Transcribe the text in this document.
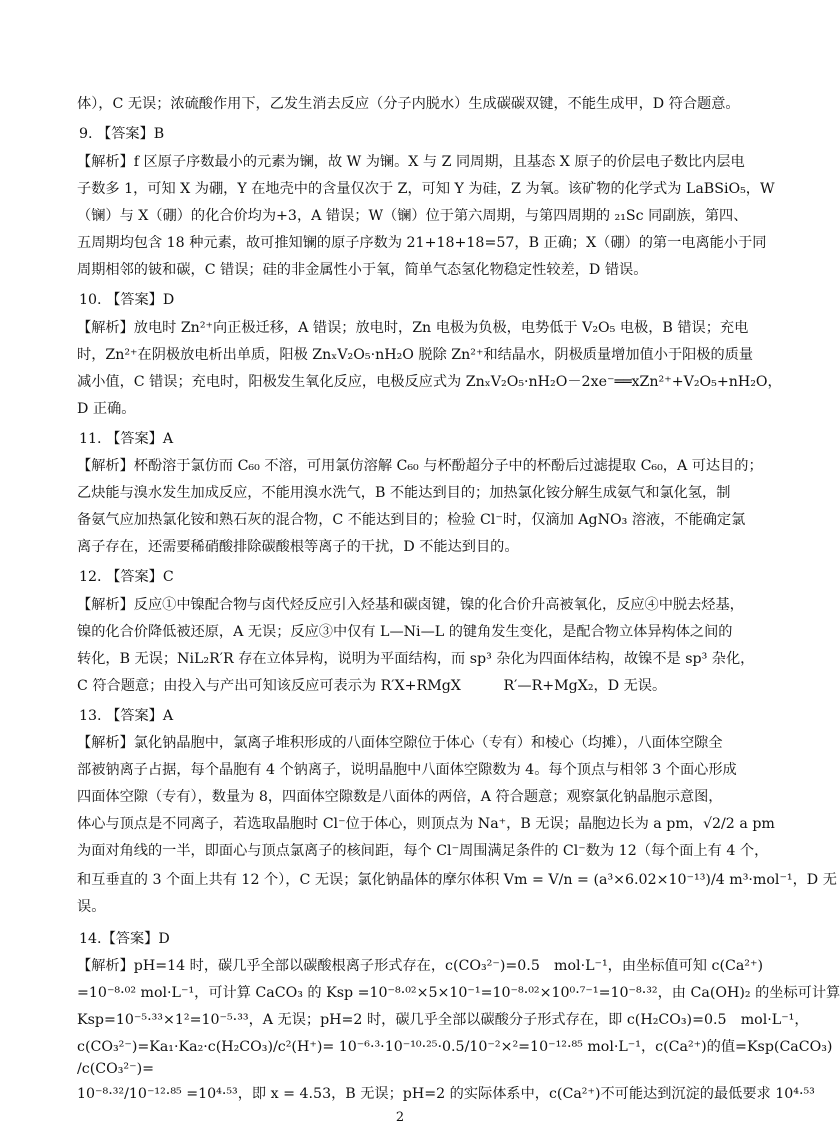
体），C 无误；浓硫酸作用下，乙发生消去反应（分子内脱水）生成碳碳双键，不能生成甲，D 符合题意。
9. 【答案】B
【解析】f 区原子序数最小的元素为镧，故 W 为镧。X 与 Z 同周期，且基态 X 原子的价层电子数比内层电
子数多 1，可知 X 为硼，Y 在地壳中的含量仅次于 Z，可知 Y 为硅，Z 为氧。该矿物的化学式为 LaBSiO₅，W
（镧）与 X（硼）的化合价均为+3，A 错误；W（镧）位于第六周期，与第四周期的 ₂₁Sc 同副族，第四、
五周期均包含 18 种元素，故可推知镧的原子序数为 21+18+18=57，B 正确；X（硼）的第一电离能小于同
周期相邻的铍和碳，C 错误；硅的非金属性小于氧，简单气态氢化物稳定性较差，D 错误。
10. 【答案】D
【解析】放电时 Zn²⁺向正极迁移，A 错误；放电时，Zn 电极为负极，电势低于 V₂O₅ 电极，B 错误；充电
时，Zn²⁺在阴极放电析出单质，阳极 ZnₓV₂O₅·nH₂O 脱除 Zn²⁺和结晶水，阴极质量增加值小于阳极的质量
减小值，C 错误；充电时，阳极发生氧化反应，电极反应式为 ZnₓV₂O₅·nH₂O－2xe⁻══xZn²⁺+V₂O₅+nH₂O，
D 正确。
11. 【答案】A
【解析】杯酚溶于氯仿而 C₆₀ 不溶，可用氯仿溶解 C₆₀ 与杯酚超分子中的杯酚后过滤提取 C₆₀，A 可达目的；
乙炔能与溴水发生加成反应，不能用溴水洗气，B 不能达到目的；加热氯化铵分解生成氨气和氯化氢，制
备氨气应加热氯化铵和熟石灰的混合物，C 不能达到目的；检验 Cl⁻时，仅滴加 AgNO₃ 溶液，不能确定氯
离子存在，还需要稀硝酸排除碳酸根等离子的干扰，D 不能达到目的。
12. 【答案】C
【解析】反应①中镍配合物与卤代烃反应引入烃基和碳卤键，镍的化合价升高被氧化，反应④中脱去烃基，
镍的化合价降低被还原，A 无误；反应③中仅有 L—Ni—L 的键角发生变化，是配合物立体异构体之间的
转化，B 无误；NiL₂R′R 存在立体异构，说明为平面结构，而 sp³ 杂化为四面体结构，故镍不是 sp³ 杂化，
C 符合题意；由投入与产出可知该反应可表示为 R′X+RMgX　　　R′—R+MgX₂，D 无误。
13. 【答案】A
【解析】氯化钠晶胞中，氯离子堆积形成的八面体空隙位于体心（专有）和棱心（均摊），八面体空隙全
部被钠离子占据，每个晶胞有 4 个钠离子，说明晶胞中八面体空隙数为 4。每个顶点与相邻 3 个面心形成
四面体空隙（专有），数量为 8，四面体空隙数是八面体的两倍，A 符合题意；观察氯化钠晶胞示意图，
体心与顶点是不同离子，若选取晶胞时 Cl⁻位于体心，则顶点为 Na⁺，B 无误；晶胞边长为 a pm，√2/2 a pm
为面对角线的一半，即面心与顶点氯离子的核间距，每个 Cl⁻周围满足条件的 Cl⁻数为 12（每个面上有 4 个，
和互垂直的 3 个面上共有 12 个），C 无误；氯化钠晶体的摩尔体积 Vm = V/n = (a³×6.02×10⁻¹³)/4 m³·mol⁻¹，D 无
误。
14.【答案】D
【解析】pH=14 时，碳几乎全部以碳酸根离子形式存在，c(CO₃²⁻)=0.5　mol·L⁻¹，由坐标值可知 c(Ca²⁺)
=10⁻⁸·⁰² mol·L⁻¹，可计算 CaCO₃ 的 Ksp =10⁻⁸·⁰²×5×10⁻¹=10⁻⁸·⁰²×10⁰·⁷⁻¹=10⁻⁸·³²，由 Ca(OH)₂ 的坐标可计算
Ksp=10⁻⁵·³³×1²=10⁻⁵·³³，A 无误；pH=2 时，碳几乎全部以碳酸分子形式存在，即 c(H₂CO₃)=0.5　mol·L⁻¹，
c(CO₃²⁻)=Ka₁·Ka₂·c(H₂CO₃)/c²(H⁺)= 10⁻⁶·³·10⁻¹⁰·²⁵·0.5/10⁻²×²=10⁻¹²·⁸⁵ mol·L⁻¹，c(Ca²⁺)的值=Ksp(CaCO₃)
/c(CO₃²⁻)=
10⁻⁸·³²/10⁻¹²·⁸⁵ =10⁴·⁵³，即 x = 4.53，B 无误；pH=2 的实际体系中，c(Ca²⁺)不可能达到沉淀的最低要求 10⁴·⁵³
2
